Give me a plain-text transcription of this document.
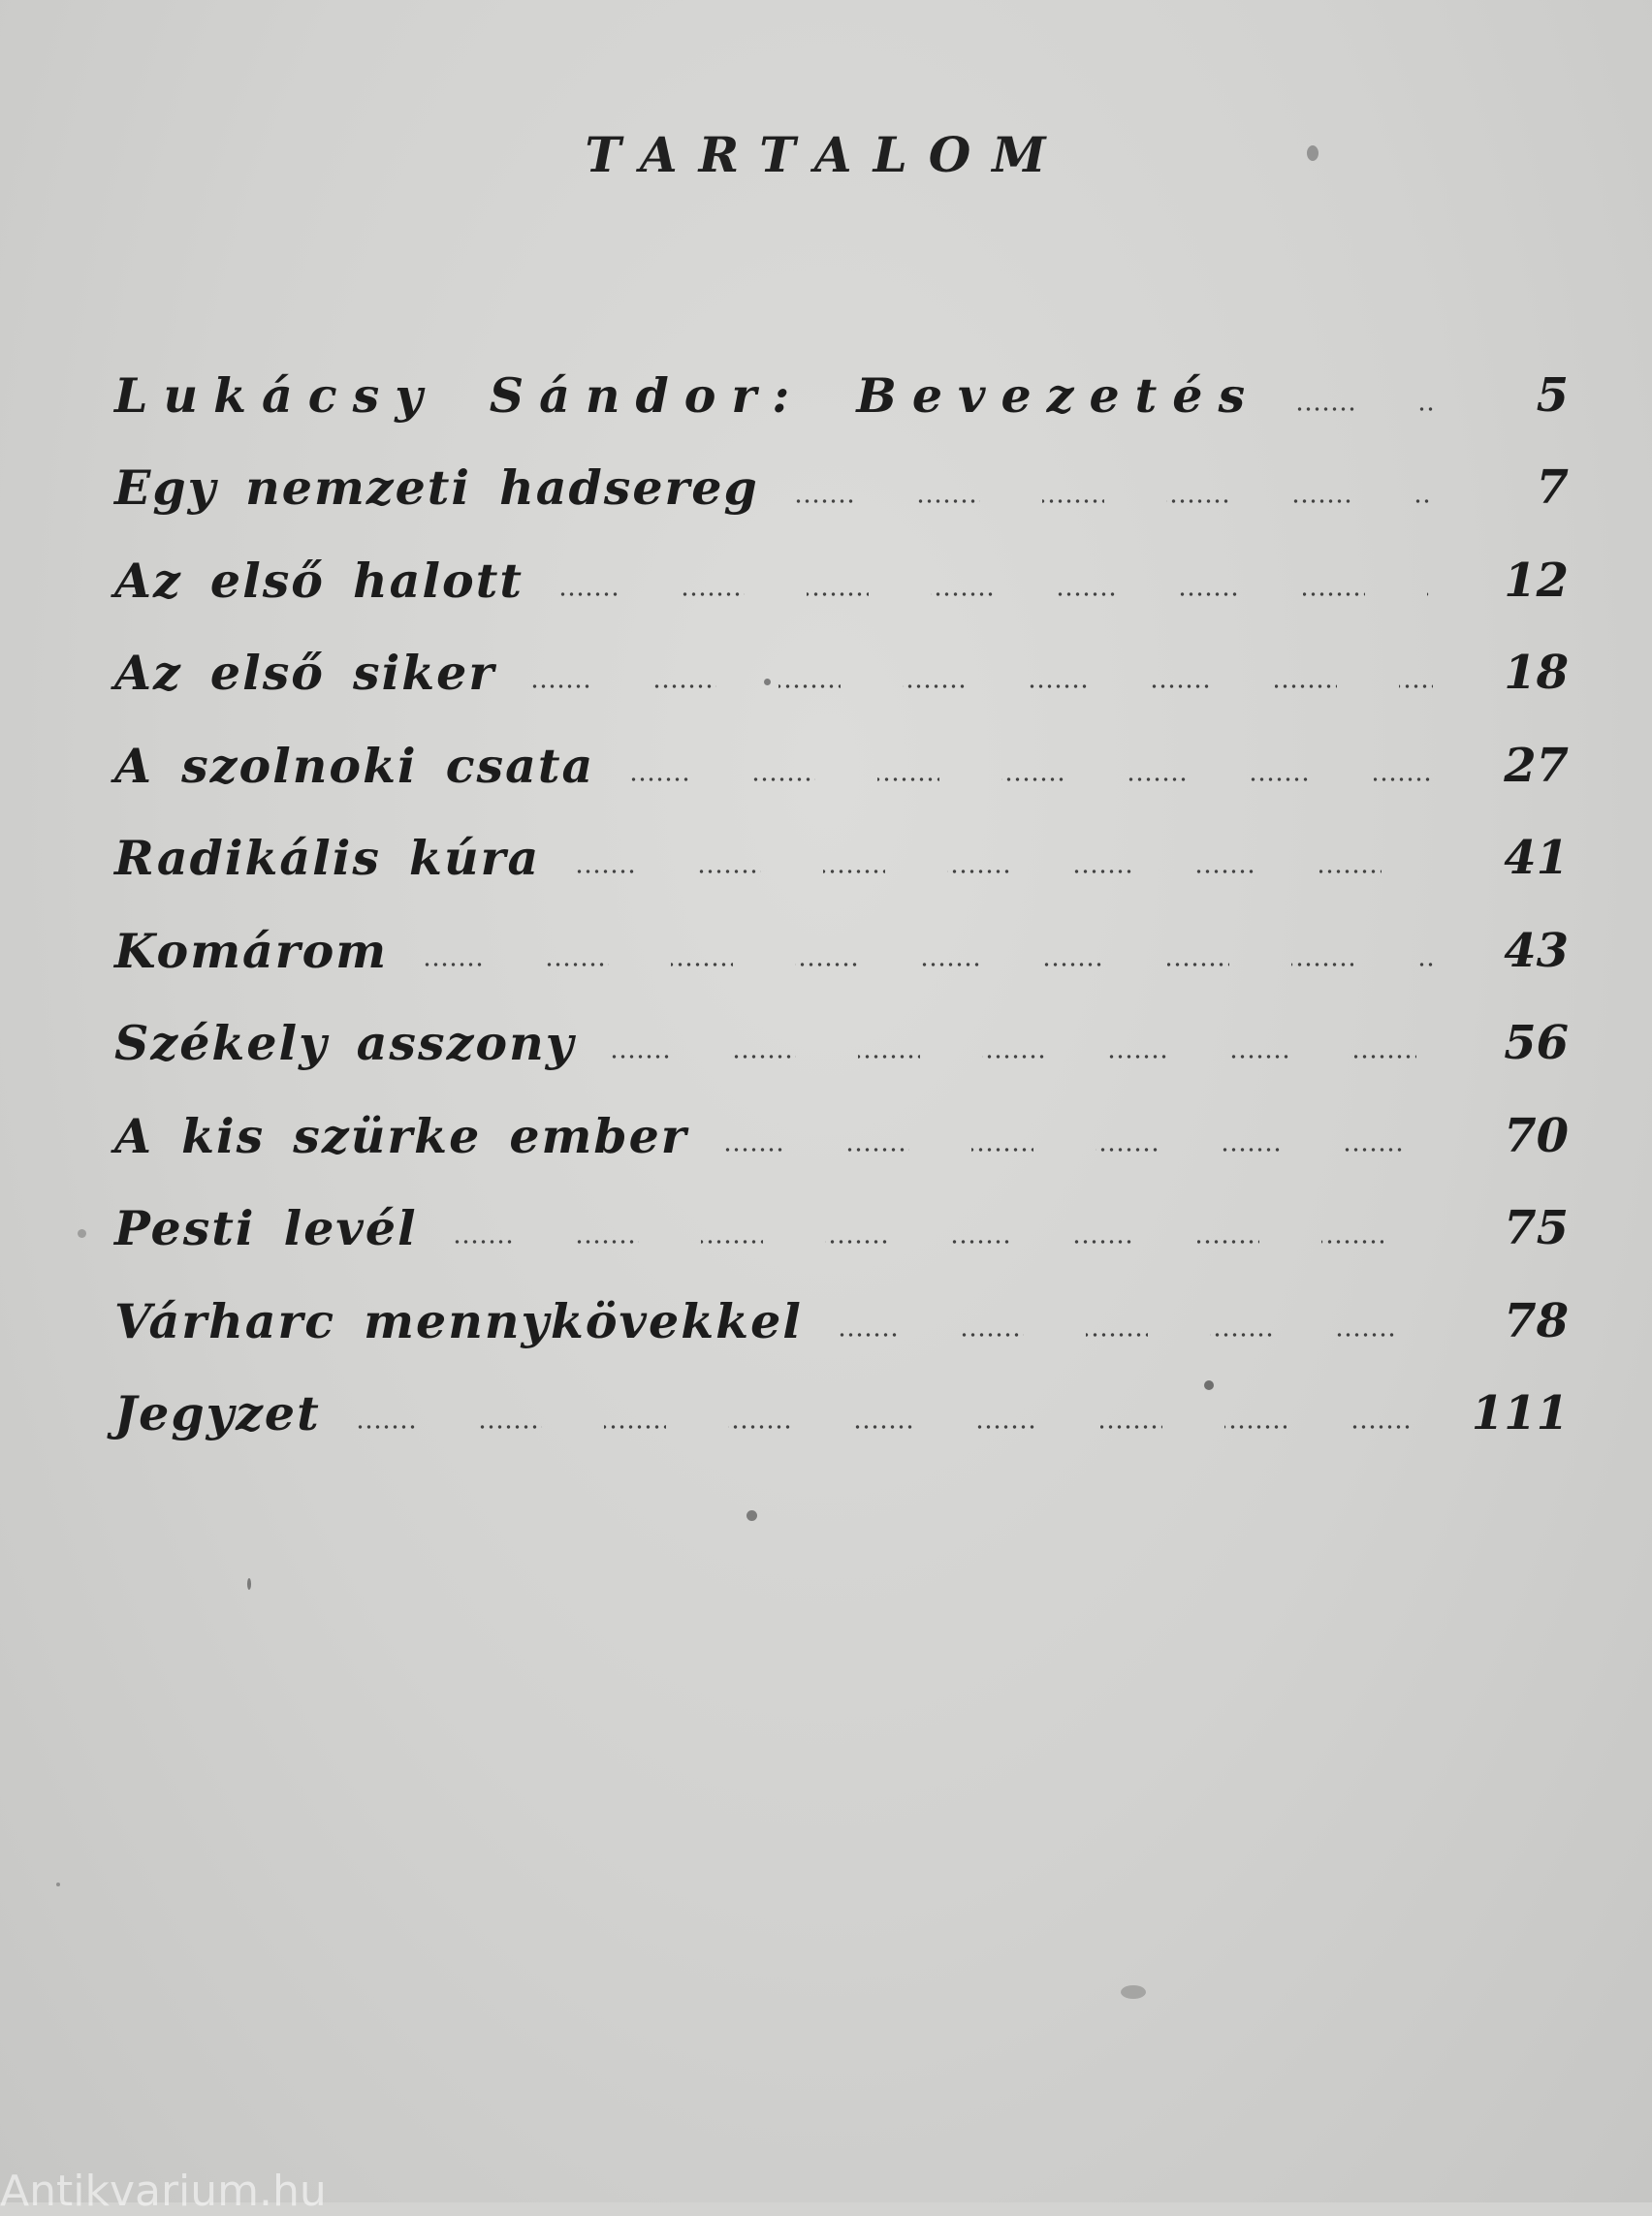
TARTALOM
Lukácsy Sándor: Bevezetés	5
Egy nemzeti hadsereg	7
Az első halott	12
Az első siker	18
A szolnoki csata	27
Radikális kúra	41
Komárom	43
Székely asszony	56
A kis szürke ember	70
Pesti levél	75
Várharc mennykövekkel	78
Jegyzet	111
Antikvarium.hu
